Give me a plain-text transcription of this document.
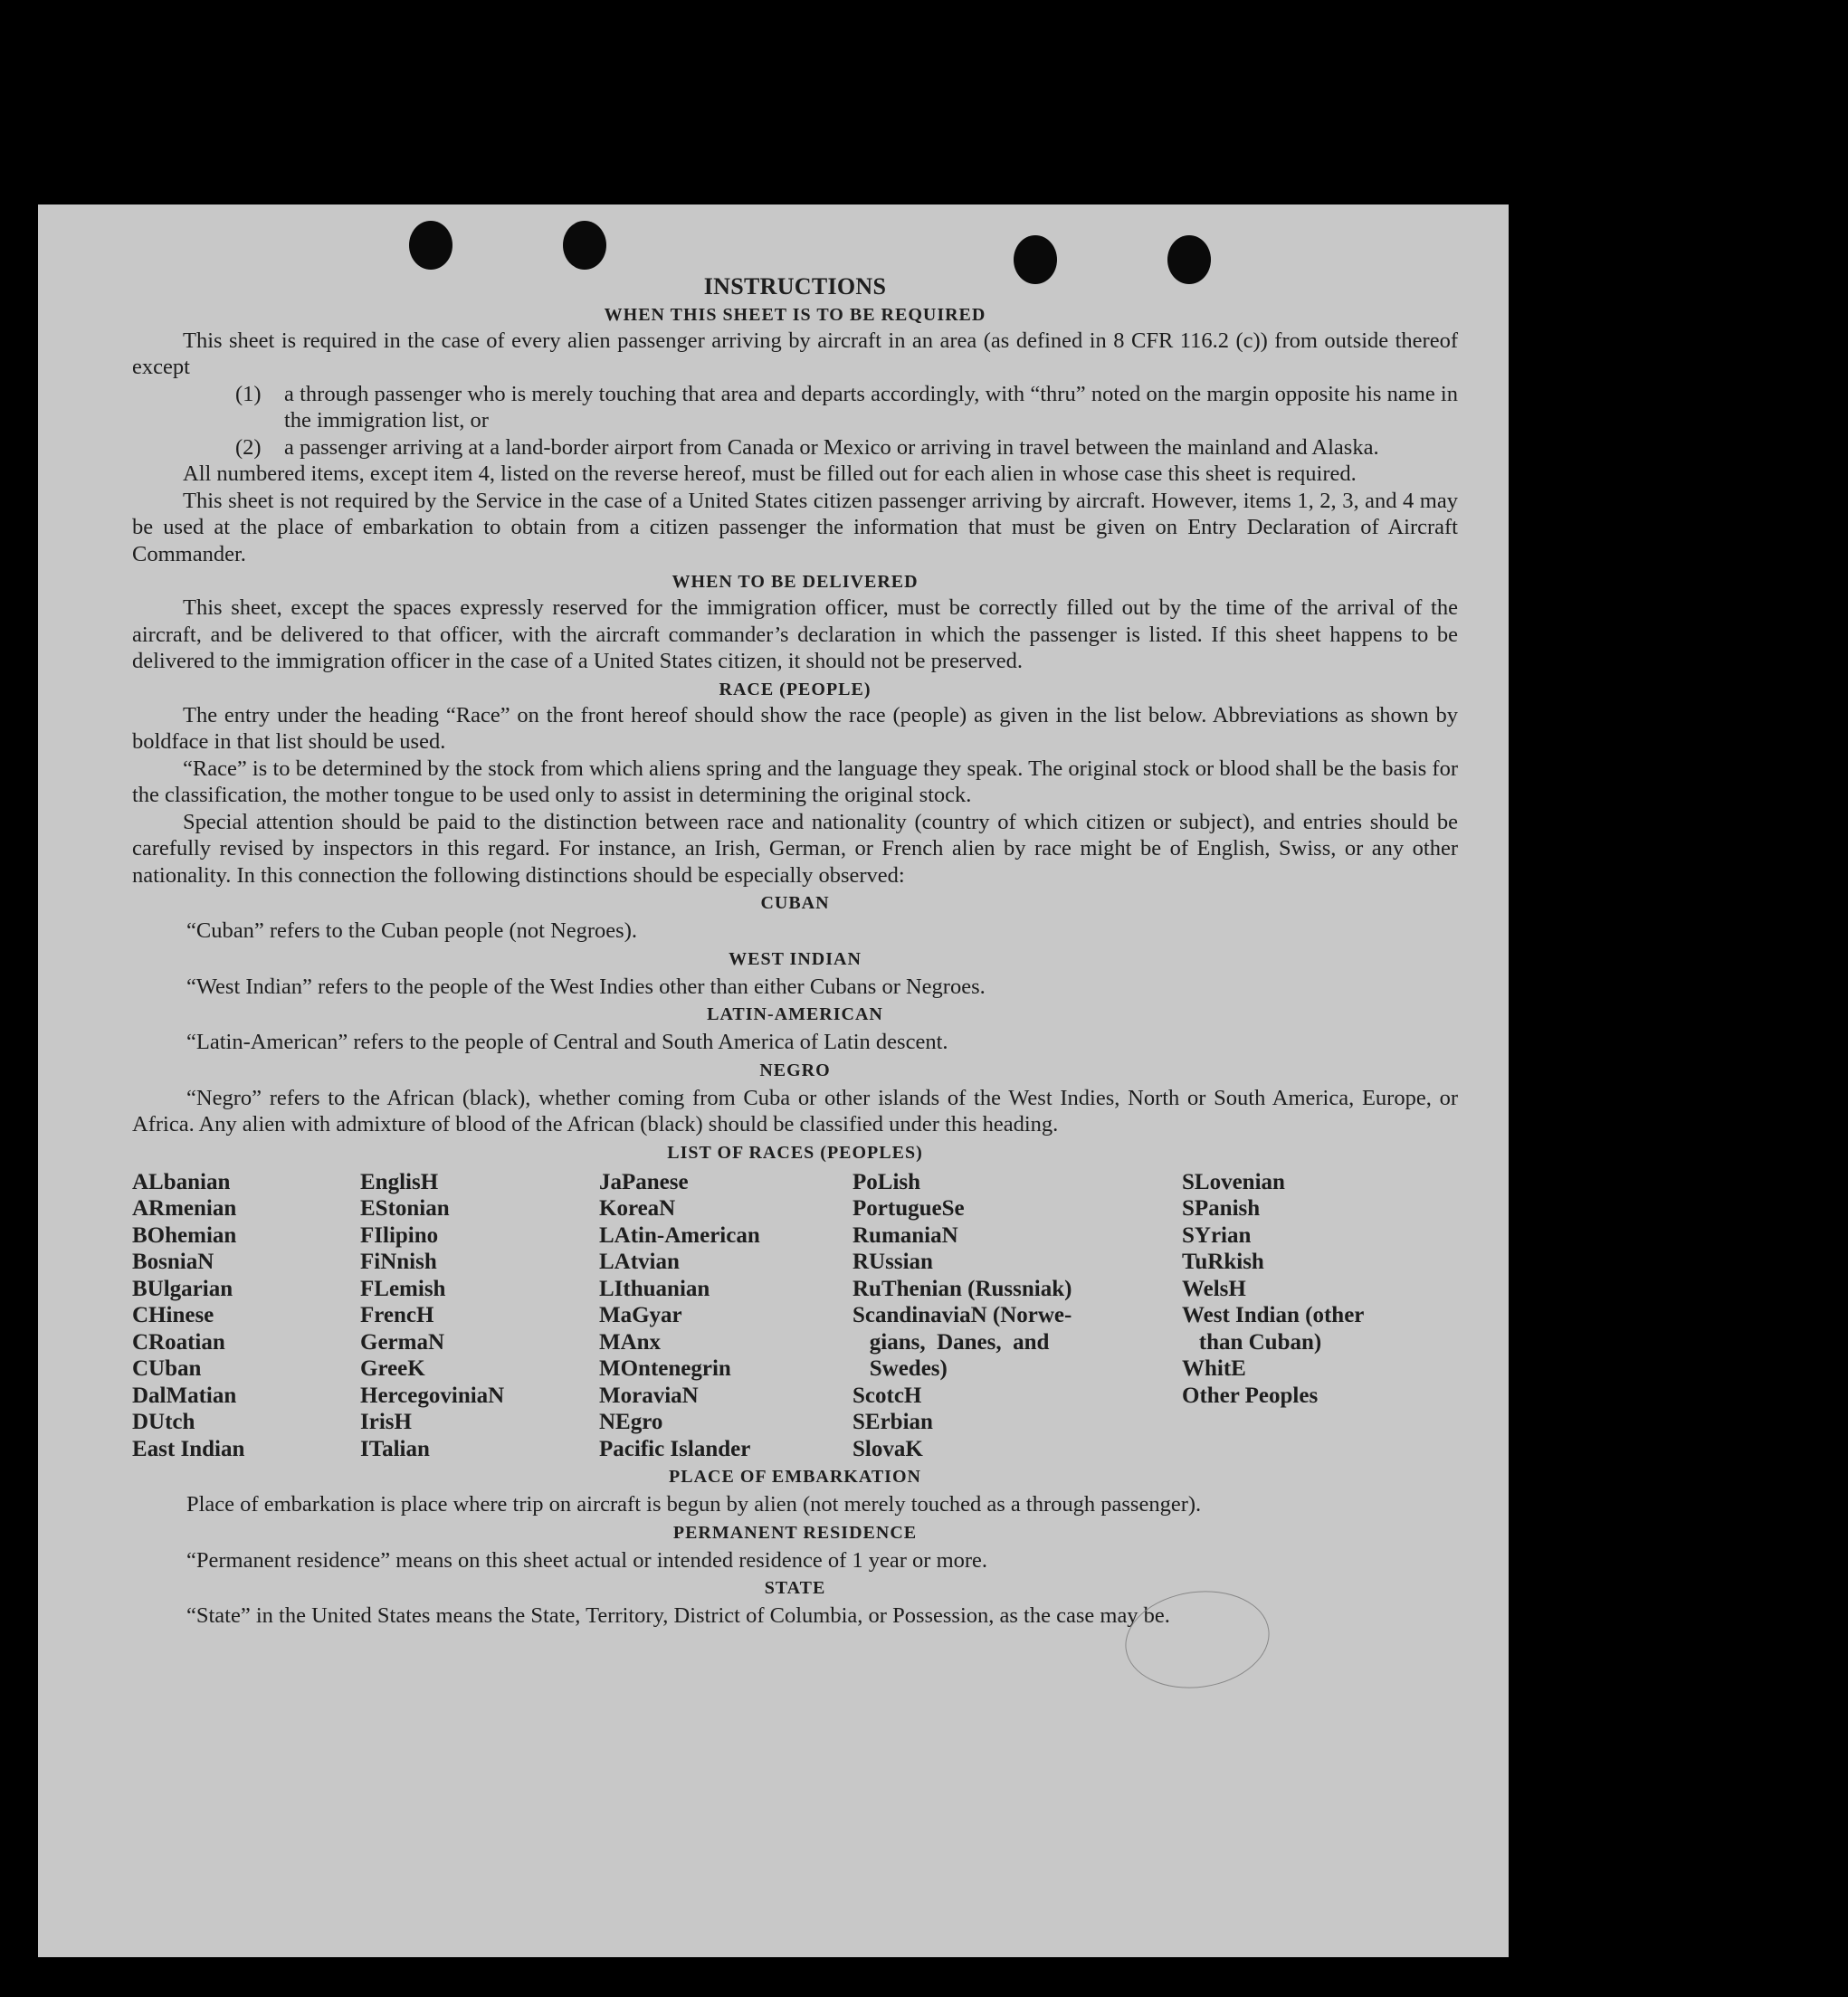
INSTRUCTIONS
WHEN THIS SHEET IS TO BE REQUIRED

This sheet is required in the case of every alien passenger arriving by aircraft in an area (as defined in 8 CFR 116.2 (c)) from outside thereof except

(1)	a through passenger who is merely touching that area and departs accordingly, with “thru” noted on the margin opposite his name in the immigration list, or
(2)	a passenger arriving at a land-border airport from Canada or Mexico or arriving in travel between the mainland and Alaska.

All numbered items, except item 4, listed on the reverse hereof, must be filled out for each alien in whose case this sheet is required.

This sheet is not required by the Service in the case of a United States citizen passenger arriving by aircraft. However, items 1, 2, 3, and 4 may be used at the place of embarkation to obtain from a citizen passenger the information that must be given on Entry Declaration of Aircraft Commander.

WHEN TO BE DELIVERED

This sheet, except the spaces expressly reserved for the immigration officer, must be correctly filled out by the time of the arrival of the aircraft, and be delivered to that officer, with the aircraft commander’s declaration in which the passenger is listed. If this sheet happens to be delivered to the immigration officer in the case of a United States citizen, it should not be preserved.

RACE (PEOPLE)

The entry under the heading “Race” on the front hereof should show the race (people) as given in the list below. Abbreviations as shown by boldface in that list should be used.

“Race” is to be determined by the stock from which aliens spring and the language they speak. The original stock or blood shall be the basis for the classification, the mother tongue to be used only to assist in determining the original stock.

Special attention should be paid to the distinction between race and nationality (country of which citizen or subject), and entries should be carefully revised by inspectors in this regard. For instance, an Irish, German, or French alien by race might be of English, Swiss, or any other nationality. In this connection the following distinctions should be especially observed:

CUBAN

“Cuban” refers to the Cuban people (not Negroes).

WEST INDIAN

“West Indian” refers to the people of the West Indies other than either Cubans or Negroes.

LATIN-AMERICAN

“Latin-American” refers to the people of Central and South America of Latin descent.

NEGRO

“Negro” refers to the African (black), whether coming from Cuba or other islands of the West Indies, North or South America, Europe, or Africa. Any alien with admixture of blood of the African (black) should be classified under this heading.

LIST OF RACES (PEOPLES)
ALbanian
ARmenian
BOhemian
BosniaN
BUlgarian
CHinese
CRoatian
CUban
DalMatian
DUtch
East Indian
EnglisH
EStonian
FIlipino
FiNnish
FLemish
FrencH
GermaN
GreeK
HercegoviniaN
IrisH
ITalian
JaPanese
KoreaN
LAtin-American
LAtvian
LIthuanian
MaGyar
MAnx
MOntenegrin
MoraviaN
NEgro
Pacific Islander
PoLish
PortugueSe
RumaniaN
RUssian
RuThenian (Russniak)
ScandinaviaN (Norwe-
gians,  Danes,  and
Swedes)
ScotcH
SErbian
SlovaK
SLovenian
SPanish
SYrian
TuRkish
WelsH
West Indian (other
than Cuban)
WhitE
Other Peoples
PLACE OF EMBARKATION

Place of embarkation is place where trip on aircraft is begun by alien (not merely touched as a through passenger).

PERMANENT RESIDENCE

“Permanent residence” means on this sheet actual or intended residence of 1 year or more.

STATE

“State” in the United States means the State, Territory, District of Columbia, or Possession, as the case may be.
